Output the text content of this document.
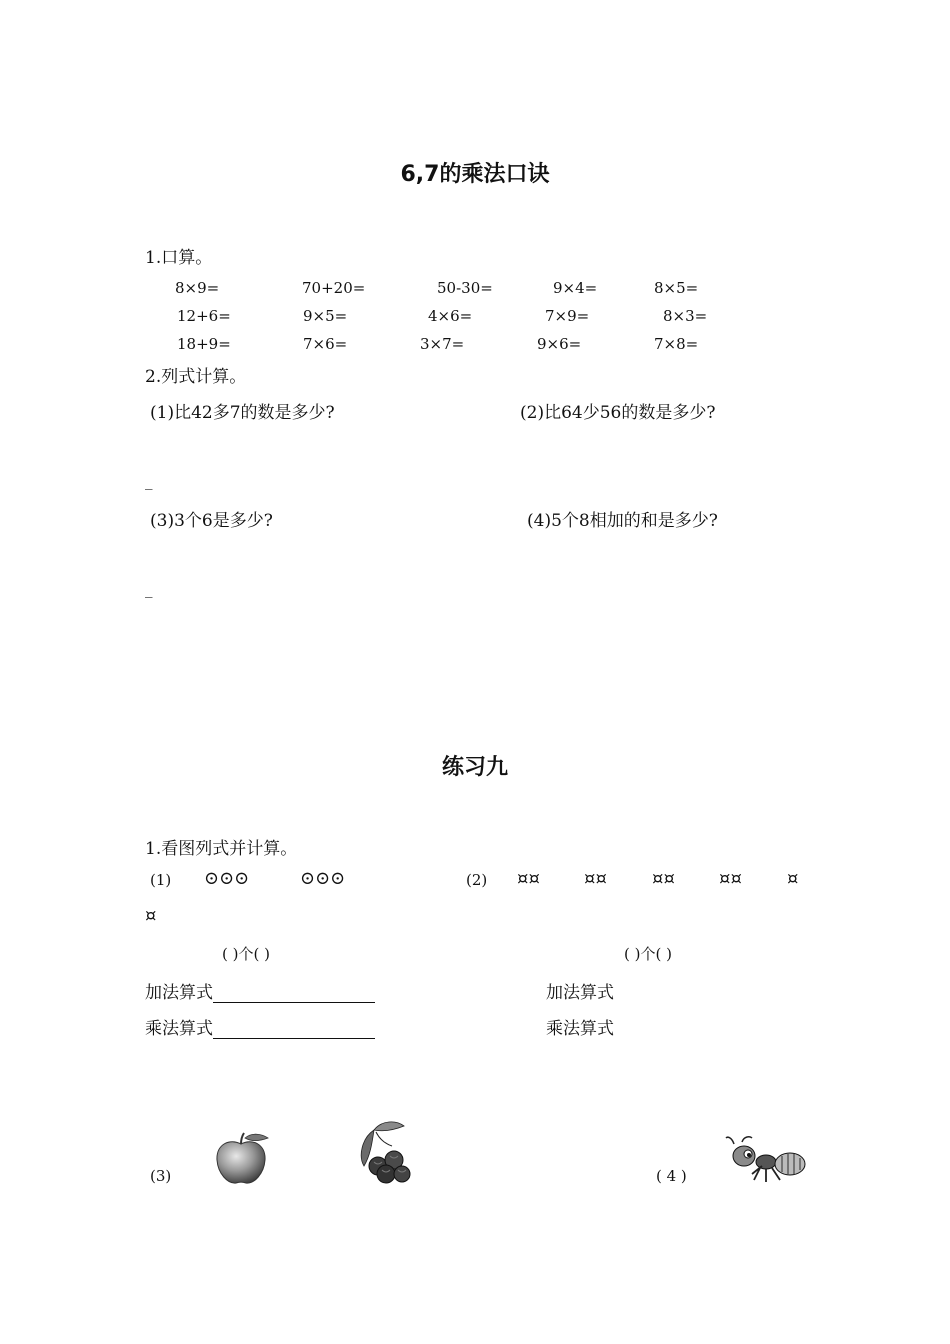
6,7的乘法口诀
1.口算。
8×9=	70+20=	50-30=	9×4=	8×5=
12+6=	9×5=	4×6=	7×9=	8×3=
18+9=	7×6=	3×7=	9×6=	7×8=
2.列式计算。
(1)比42多7的数是多少?	(2)比64少56的数是多少?
_
(3)3个6是多少?	(4)5个8相加的和是多少?
_
练习九
1.看图列式并计算。
(1) ⊙⊙⊙	⊙⊙⊙	(2) ¤¤ ¤¤	¤¤ ¤¤	¤
¤
( )个( )	( )个( )
加法算式	加法算式
乘法算式	乘法算式
(3)	( 4 )
